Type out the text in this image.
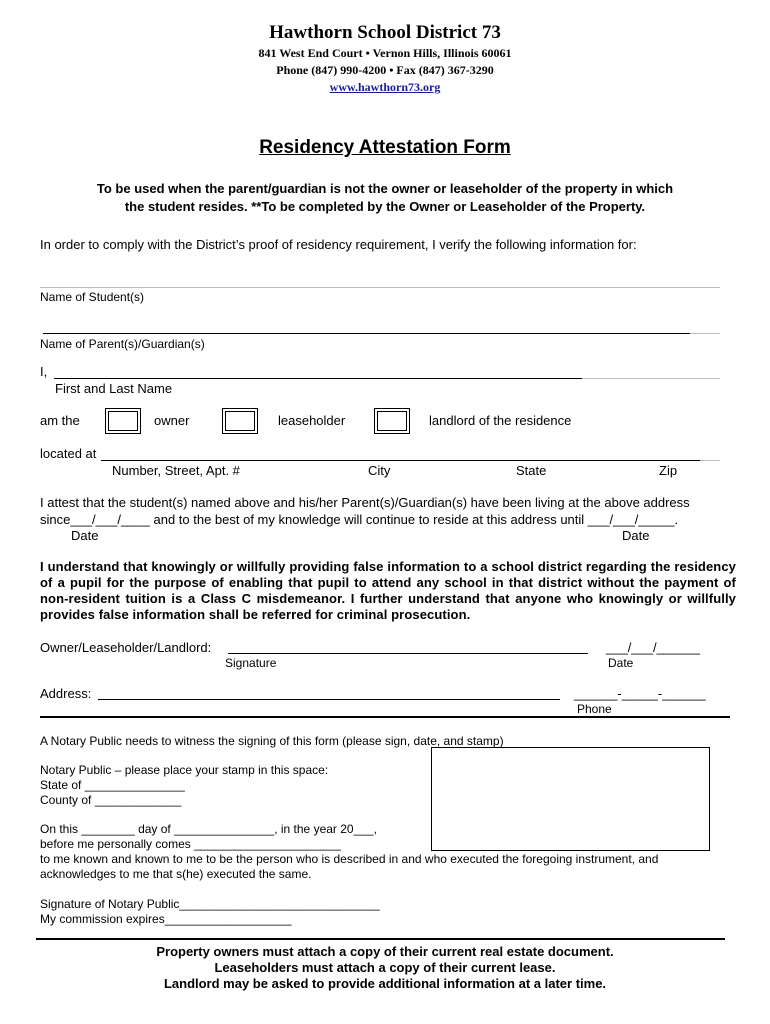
Hawthorn School District 73
841 West End Court • Vernon Hills, Illinois 60061
Phone (847) 990-4200 • Fax (847) 367-3290
www.hawthorn73.org
Residency Attestation Form
To be used when the parent/guardian is not the owner or leaseholder of the property in which
the student resides. **To be completed by the Owner or Leaseholder of the Property.
In order to comply with the District’s proof of residency requirement, I verify the following information for:
Name of Student(s)
Name of Parent(s)/Guardian(s)
I,
First and Last Name
am the	owner	leaseholder	landlord of the residence
located at
Number, Street, Apt. #	City	State	Zip
I attest that the student(s) named above and his/her Parent(s)/Guardian(s) have been living at the above address
since___/___/____ and to the best of my knowledge will continue to reside at this address until ___/___/_____.
Date	Date
I understand that knowingly or willfully providing false information to a school district regarding the residency of a pupil for the purpose of enabling that pupil to attend any school in that district without the payment of non-resident tuition is a Class C misdemeanor. I further understand that anyone who knowingly or willfully provides false information shall be referred for criminal prosecution.
Owner/Leaseholder/Landlord:	___/___/______
Signature	Date
Address:	______-_____-______
Phone
A Notary Public needs to witness the signing of this form (please sign, date, and stamp)
Notary Public – please place your stamp in this space:
State of _______________
County of _____________
On this ________ day of _______________, in the year 20___,
before me personally comes ______________________
to me known and known to me to be the person who is described in and who executed the foregoing instrument, and
acknowledges to me that s(he) executed the same.
Signature of Notary Public______________________________
My commission expires___________________
Property owners must attach a copy of their current real estate document.
Leaseholders must attach a copy of their current lease.
Landlord may be asked to provide additional information at a later time.
